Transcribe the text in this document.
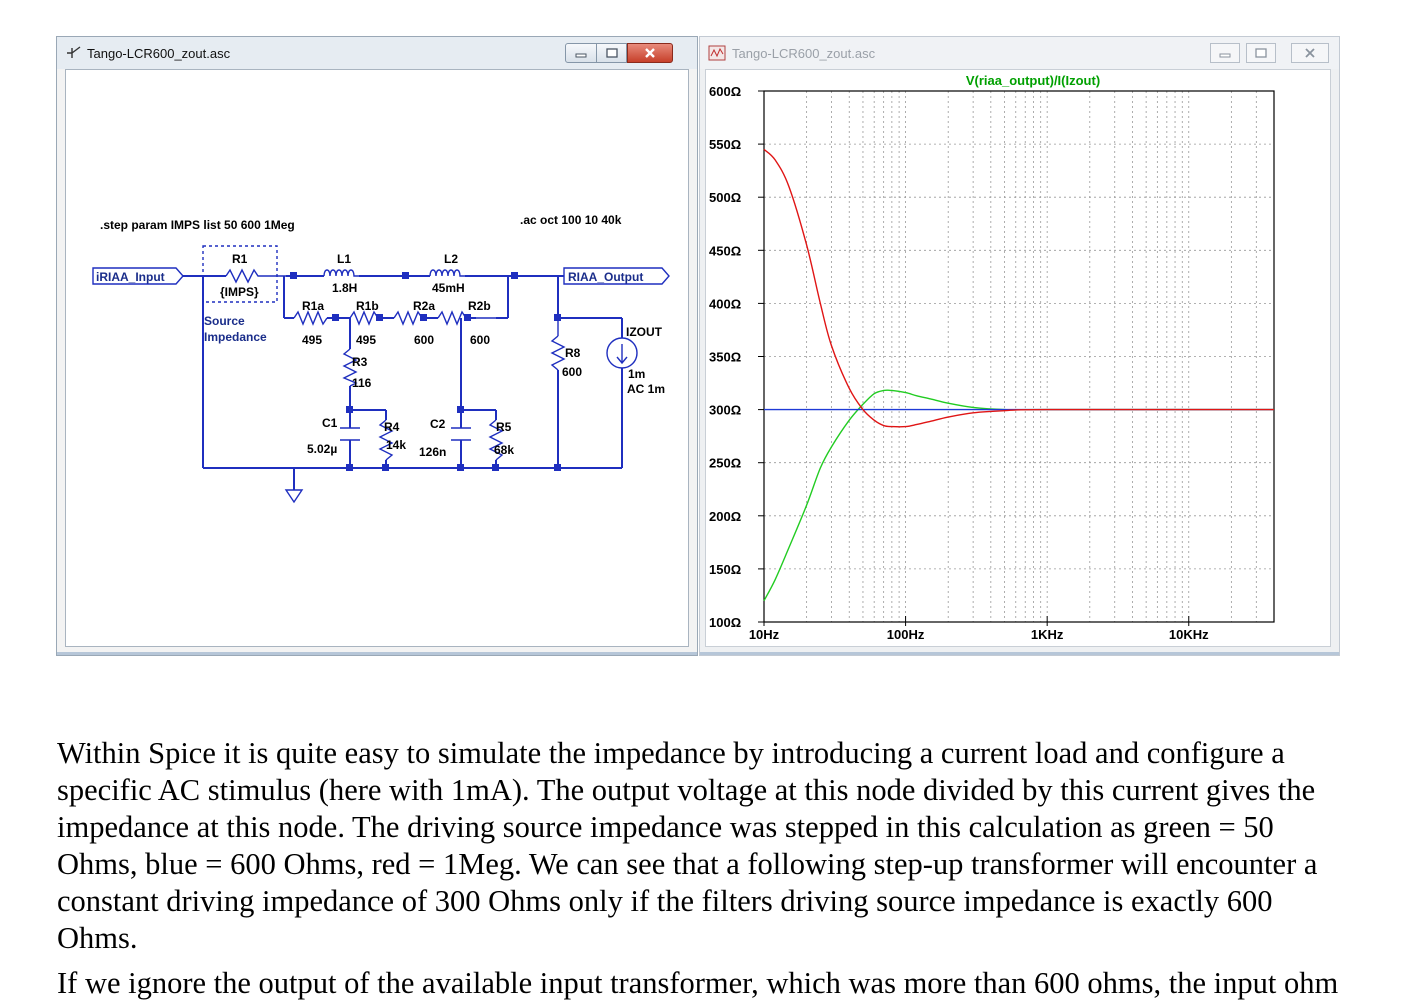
Tango-LCR600_zout.asc
iRIAA_Input	RIAA_Output
.step param IMPS list 50 600 1Meg	.ac oct 100 10 40k
R1
{IMPS}
L1
1.8H
L2
45mH
R1a
495
R1b
495
R2a
600
R2b
600
R3
116
C1
5.02µ
R4
14k
C2
126n
R5
68k
R8
600
IZOUT
1m
AC 1m
Source
Impedance
Tango-LCR600_zout.asc
V(riaa_output)/I(Izout)
100Ω
150Ω
200Ω
250Ω
300Ω
350Ω
400Ω
450Ω
500Ω
550Ω
600Ω
10Hz	100Hz	1KHz	10KHz

Within Spice it is quite easy to simulate the impedance by introducing a current load and configure a specific AC stimulus (here with 1mA). The output voltage at this node divided by this current gives the impedance at this node. The driving source impedance was stepped in this calculation as green = 50 Ohms, blue = 600 Ohms, red = 1Meg. We can see that a following step-up transformer will encounter a constant driving impedance of 300 Ohms only if the filters driving source impedance is exactly 600 Ohms.

If we ignore the output of the available input transformer, which was more than 600 ohms, the input ohm
